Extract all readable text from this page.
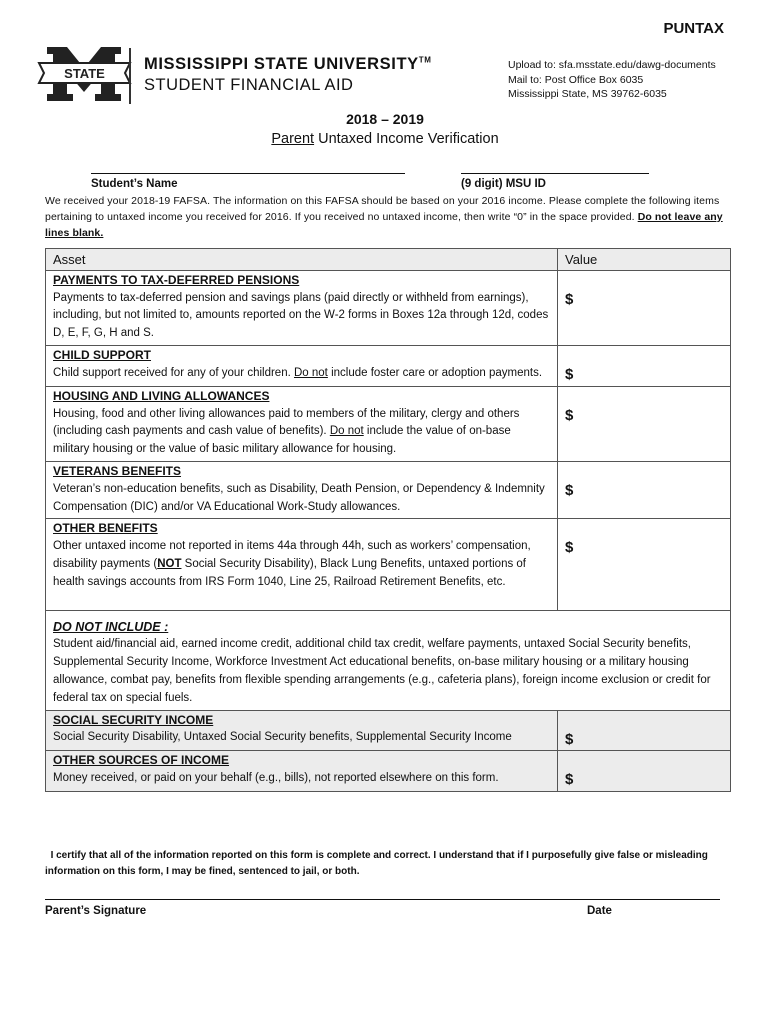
PUNTAX
STATE
MISSISSIPPI STATE UNIVERSITY™
STUDENT FINANCIAL AID
Upload to: sfa.msstate.edu/dawg-documents
Mail to: Post Office Box 6035
Mississippi State, MS 39762-6035
2018 – 2019
Parent Untaxed Income Verification
Student’s Name	(9 digit) MSU ID
We received your 2018-19 FAFSA. The information on this FAFSA should be based on your 2016 income. Please complete the following items pertaining to untaxed income you received for 2016. If you received no untaxed income, then write “0” in the space provided. Do not leave any lines blank.
Asset	Value

PAYMENTS TO TAX-DEFERRED PENSIONS
Payments to tax-deferred pension and savings plans (paid directly or withheld from earnings), including, but not limited to, amounts reported on the W-2 forms in Boxes 12a through 12d, codes D, E, F, G, H and S.	$

CHILD SUPPORT
Child support received for any of your children. Do not include foster care or adoption payments.	$

HOUSING AND LIVING ALLOWANCES
Housing, food and other living allowances paid to members of the military, clergy and others (including cash payments and cash value of benefits). Do not include the value of on-base military housing or the value of basic military allowance for housing.	$

VETERANS BENEFITS
Veteran’s non-education benefits, such as Disability, Death Pension, or Dependency & Indemnity Compensation (DIC) and/or VA Educational Work-Study allowances.	$

OTHER BENEFITS
Other untaxed income not reported in items 44a through 44h, such as workers’ compensation, disability payments (NOT Social Security Disability), Black Lung Benefits, untaxed portions of health savings accounts from IRS Form 1040, Line 25, Railroad Retirement Benefits, etc.	$

DO NOT INCLUDE :
Student aid/financial aid, earned income credit, additional child tax credit, welfare payments, untaxed Social Security benefits, Supplemental Security Income, Workforce Investment Act educational benefits, on-base military housing or a military housing allowance, combat pay, benefits from flexible spending arrangements (e.g., cafeteria plans), foreign income exclusion or credit for federal tax on special fuels.	

SOCIAL SECURITY INCOME
Social Security Disability, Untaxed Social Security benefits, Supplemental Security Income	$

OTHER SOURCES OF INCOME
Money received, or paid on your behalf (e.g., bills), not reported elsewhere on this form.	$
I certify that all of the information reported on this form is complete and correct. I understand that if I purposefully give false or misleading information on this form, I may be fined, sentenced to jail, or both.
Parent’s Signature	Date
